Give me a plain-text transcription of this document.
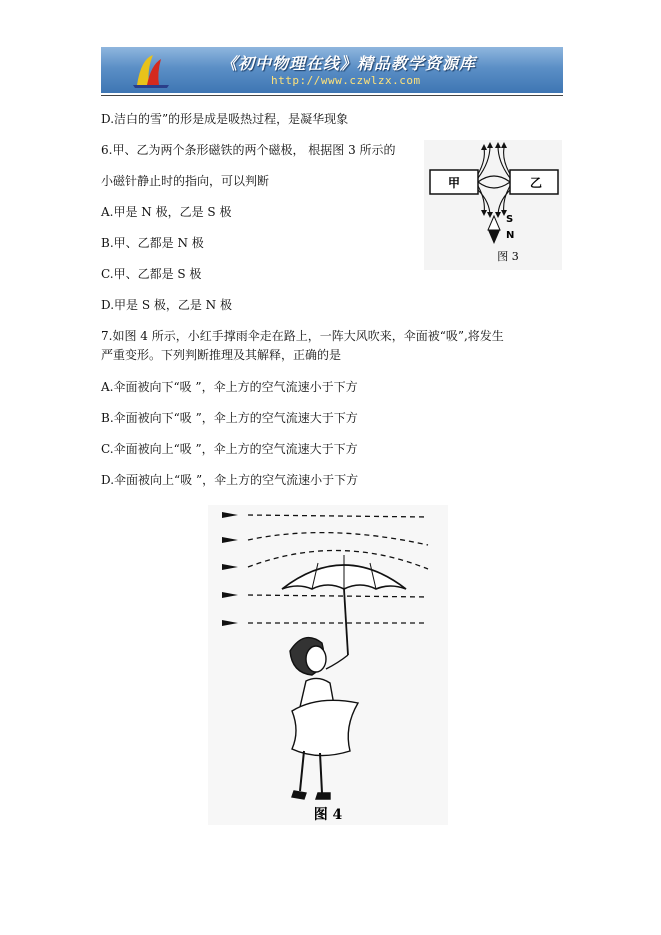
《初中物理在线》精品教学资源库
http://www.czwlzx.com
D.洁白的雪”的形是成是吸热过程，是凝华现象
6.甲、乙为两个条形磁铁的两个磁极， 根据图 3 所示的
小磁针静止时的指向，可以判断
A.甲是 N 极，乙是 S 极
B.甲、乙都是 N 极
C.甲、乙都是 S 极
D.甲是 S 极，乙是 N 极
7.如图 4 所示，小红手撑雨伞走在路上，一阵大风吹来，伞面被“吸”,将发生
严重变形。下列判断推理及其解释，正确的是
A.伞面被向下“吸 ”，伞上方的空气流速小于下方
B.伞面被向下“吸 ”，伞上方的空气流速大于下方
C.伞面被向上“吸 ”，伞上方的空气流速大于下方
D.伞面被向上“吸 ”，伞上方的空气流速小于下方
甲	乙
S
N
图 3
图 4
